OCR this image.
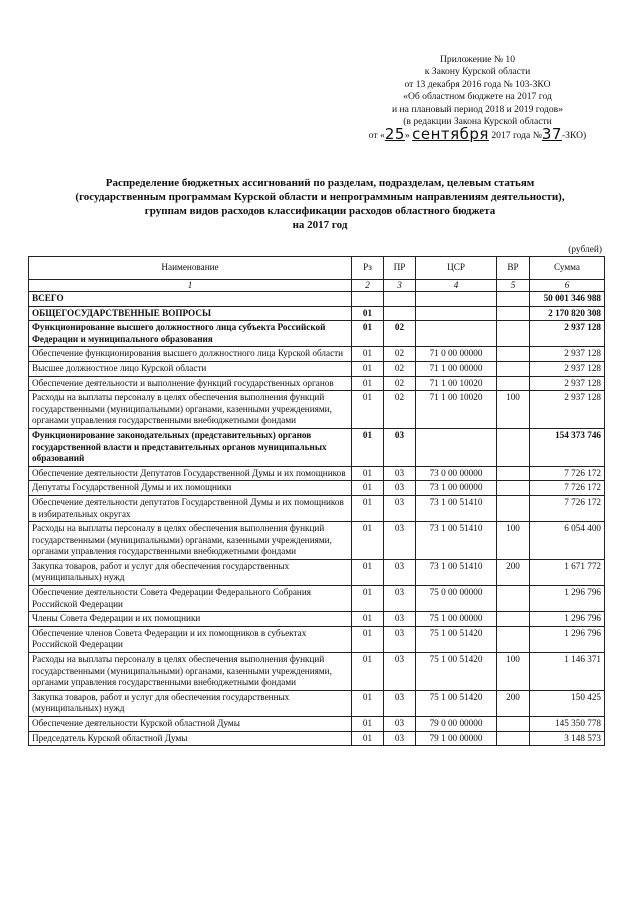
Приложение № 10
к Закону Курской области
от 13 декабря 2016 года № 103-ЗКО
«Об областном бюджете на 2017 год
и на плановый период 2018 и 2019 годов»
(в редакции Закона Курской области
от «25» сентября 2017 года №37-ЗКО)
Распределение бюджетных ассигнований по разделам, подразделам, целевым статьям
(государственным программам Курской области и непрограммным направлениям деятельности),
группам видов расходов классификации расходов областного бюджета
на 2017 год
(рублей)
Наименование	Рз	ПР	ЦСР	ВР	Сумма
1	2	3	4	5	6
ВСЕГО					50 001 346 988
ОБЩЕГОСУДАРСТВЕННЫЕ ВОПРОСЫ	01				2 170 820 308
Функционирование высшего должностного лица субъекта Российской Федерации и муниципального образования	01	02			2 937 128
Обеспечение функционирования высшего должностного лица Курской области	01	02	71 0 00 00000		2 937 128
Высшее должностное лицо Курской области	01	02	71 1 00 00000		2 937 128
Обеспечение деятельности и выполнение функций государственных органов	01	02	71 1 00 10020		2 937 128
Расходы на выплаты персоналу в целях обеспечения выполнения функций государственными (муниципальными) органами, казенными учреждениями, органами управления государственными внебюджетными фондами	01	02	71 1 00 10020	100	2 937 128
Функционирование законодательных (представительных) органов государственной власти и представительных органов муниципальных образований	01	03			154 373 746
Обеспечение деятельности Депутатов Государственной Думы и их помощников	01	03	73 0 00 00000		7 726 172
Депутаты Государственной Думы и их помощники	01	03	73 1 00 00000		7 726 172
Обеспечение деятельности депутатов Государственной Думы и их помощников в избирательных округах	01	03	73 1 00 51410		7 726 172
Расходы на выплаты персоналу в целях обеспечения выполнения функций государственными (муниципальными) органами, казенными учреждениями, органами управления государственными внебюджетными фондами	01	03	73 1 00 51410	100	6 054 400
Закупка товаров, работ и услуг для обеспечения государственных (муниципальных) нужд	01	03	73 1 00 51410	200	1 671 772
Обеспечение деятельности Совета Федерации Федерального Собрания Российской Федерации	01	03	75 0 00 00000		1 296 796
Члены Совета Федерации и их помощники	01	03	75 1 00 00000		1 296 796
Обеспечение членов Совета Федерации и их помощников в субъектах Российской Федерации	01	03	75 1 00 51420		1 296 796
Расходы на выплаты персоналу в целях обеспечения выполнения функций государственными (муниципальными) органами, казенными учреждениями, органами управления государственными внебюджетными фондами	01	03	75 1 00 51420	100	1 146 371
Закупка товаров, работ и услуг для обеспечения государственных (муниципальных) нужд	01	03	75 1 00 51420	200	150 425
Обеспечение деятельности Курской областной Думы	01	03	79 0 00 00000		145 350 778
Председатель Курской областной Думы	01	03	79 1 00 00000		3 148 573
